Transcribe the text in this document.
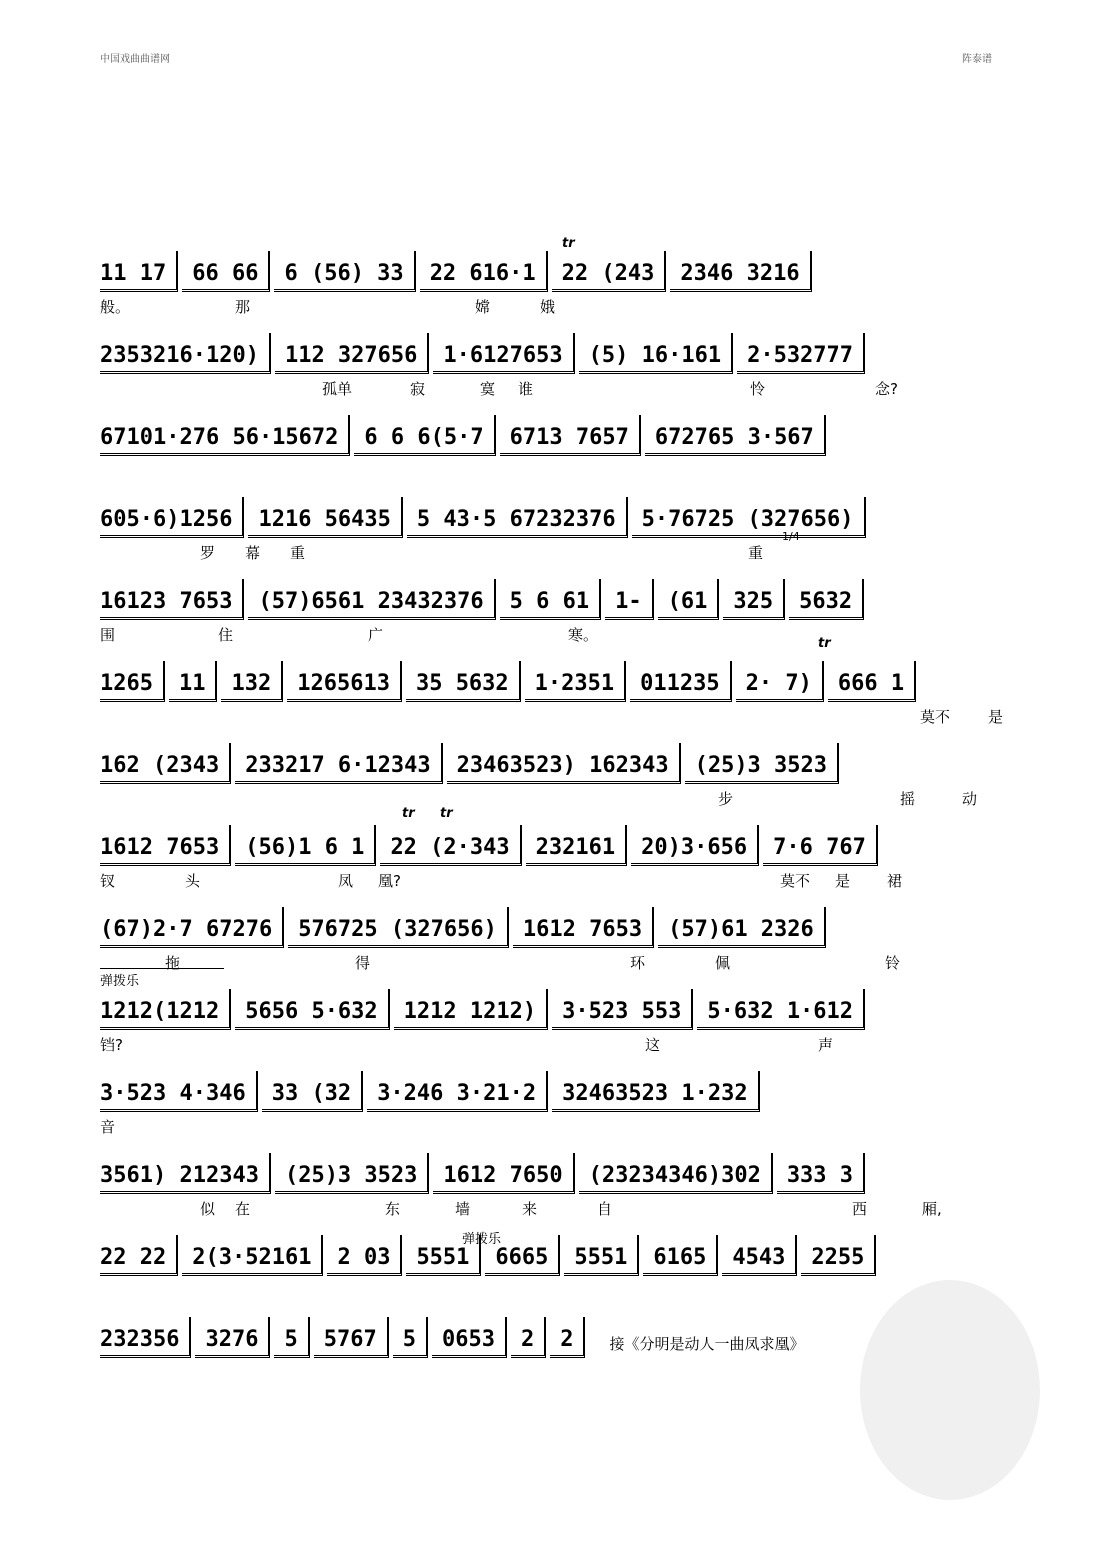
中国戏曲曲谱网	阵泰谱
11 17	66 66	6 (56) 33	22 616·1	22 (243	2346 3216
般。	那	嫦	娥
2353216·120)	112 327656	1·6127653	(5) 16·161	2·532777
孤单	寂	寞 谁	怜	念?
67101·276 56·15672	6 6 6(5·7	6713 7657	672765 3·567
605·6)1256	1216 56435	5 43·5 67232376	5·76725 (327656)
罗 幕 重	重
16123 7653	(57)6561 23432376	5 6 61	1-	(61	325	5632
围	住	广	寒。
1265	11	132	1265613	35 5632	1·2351	011235	2· 7)	666 1
莫不	是
162 (2343	233217 6·12343	23463523) 162343	(25)3 3523
步	摇	动
1612 7653	(56)1 6 1	22 (2·343	232161	20)3·656	7·6 767
钗	头	凤 凰?	莫不 是 裙
(67)2·7 67276	576725 (327656)	1612 7653	(57)61 2326
拖	得	环	佩	铃
1212(1212	5656 5·632	1212 1212)	3·523 553	5·632 1·612
铛?	这	声
3·523 4·346	33 (32	3·246 3·21·2	32463523 1·232
音
3561) 212343	(25)3 3523	1612 7650	(23234346)302	333 3
似 在	东	墙	来	自	西	厢,
22 22	2(3·52161	2 03	5551	6665	5551	6165	4543	2255
232356	3276	5	5767	5	0653	2	2	接《分明是动人一曲凤求凰》
弹拨乐
弹拨乐
tr
tr
tr tr
1/4
